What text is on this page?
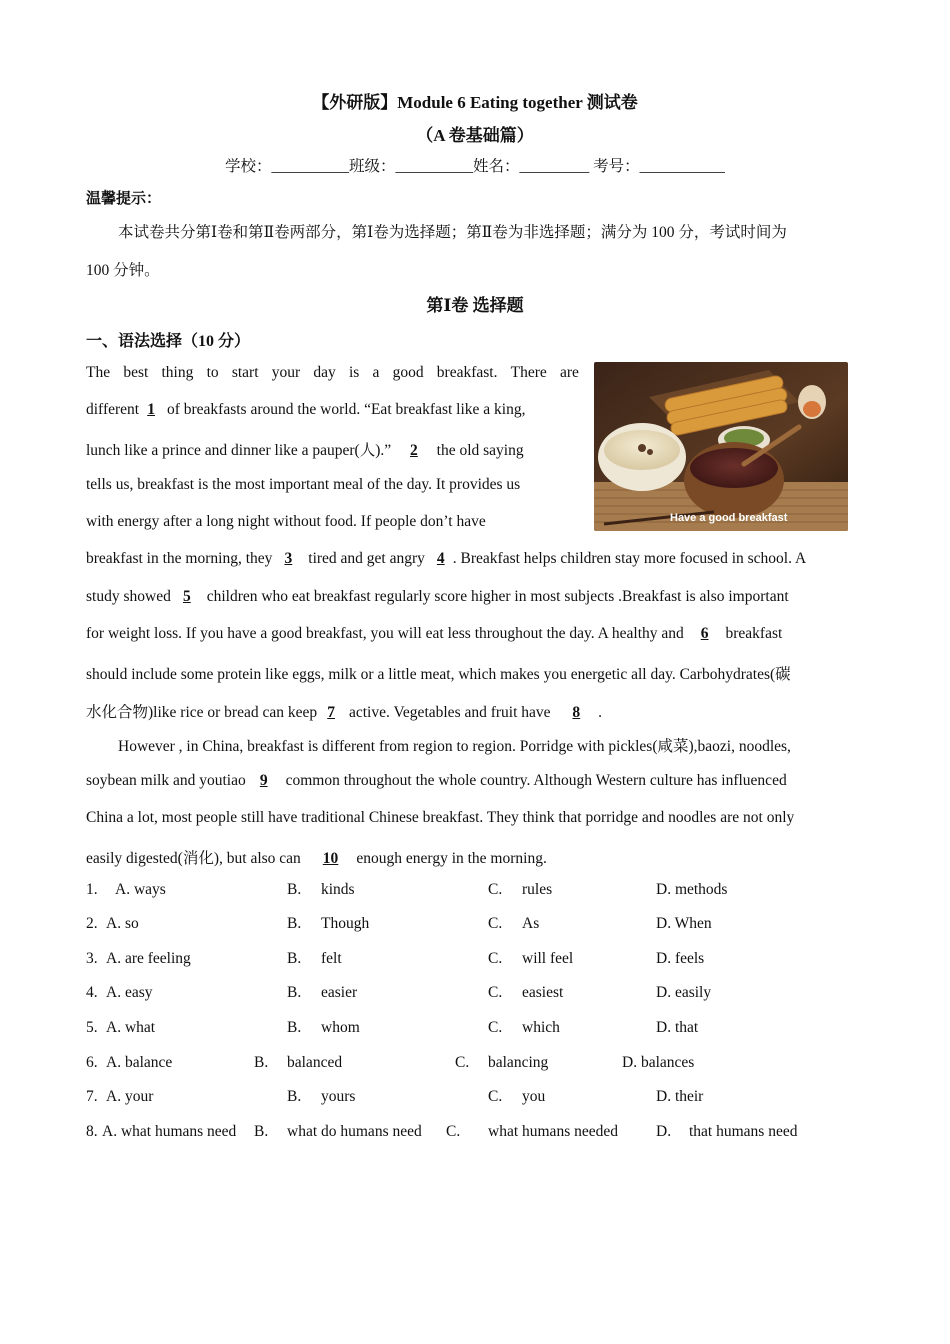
【外研版】Module 6 Eating together 测试卷
（A 卷基础篇）
学校：__________班级：__________姓名：_________ 考号：___________
温馨提示：
本试卷共分第Ⅰ卷和第Ⅱ卷两部分，第Ⅰ卷为选择题；第Ⅱ卷为非选择题；满分为 100 分，考试时间为
100 分钟。
第Ⅰ卷 选择题
一、语法选择（10 分）
Have a good breakfast
The best thing to start your day is a good breakfast. There are
different 1 of breakfasts around the world. “Eat breakfast like a king,
lunch like a prince and dinner like a pauper(人).” 2 the old saying
tells us, breakfast is the most important meal of the day. It provides us
with energy after a long night without food. If people don’t have
breakfast in the morning, they 3 tired and get angry 4 . Breakfast helps children stay more focused in school. A
study showed 5 children who eat breakfast regularly score higher in most subjects .Breakfast is also important
for weight loss. If you have a good breakfast, you will eat less throughout the day. A healthy and 6 breakfast
should include some protein like eggs, milk or a little meat, which makes you energetic all day. Carbohydrates(碳
水化合物)like rice or bread can keep 7 active. Vegetables and fruit have 8 .
However , in China, breakfast is different from region to region. Porridge with pickles(咸菜),baozi, noodles,
soybean milk and youtiao 9 common throughout the whole country. Although Western culture has influenced
China a lot, most people still have traditional Chinese breakfast. They think that porridge and noodles are not only
easily digested(消化), but also can 10 enough energy in the morning.
1. A. ways	B. kinds	C. rules	D. methods
2. A. so	B. Though	C. As	D. When
3. A. are feeling	B. felt	C. will feel	D. feels
4. A. easy	B. easier	C. easiest	D. easily
5. A. what	B. whom	C. which	D. that
6. A. balance	B. balanced	C. balancing	D. balances
7. A. your	B. yours	C. you	D. their
8. A. what humans need B. what do humans need C. what humans needed D. that humans need
